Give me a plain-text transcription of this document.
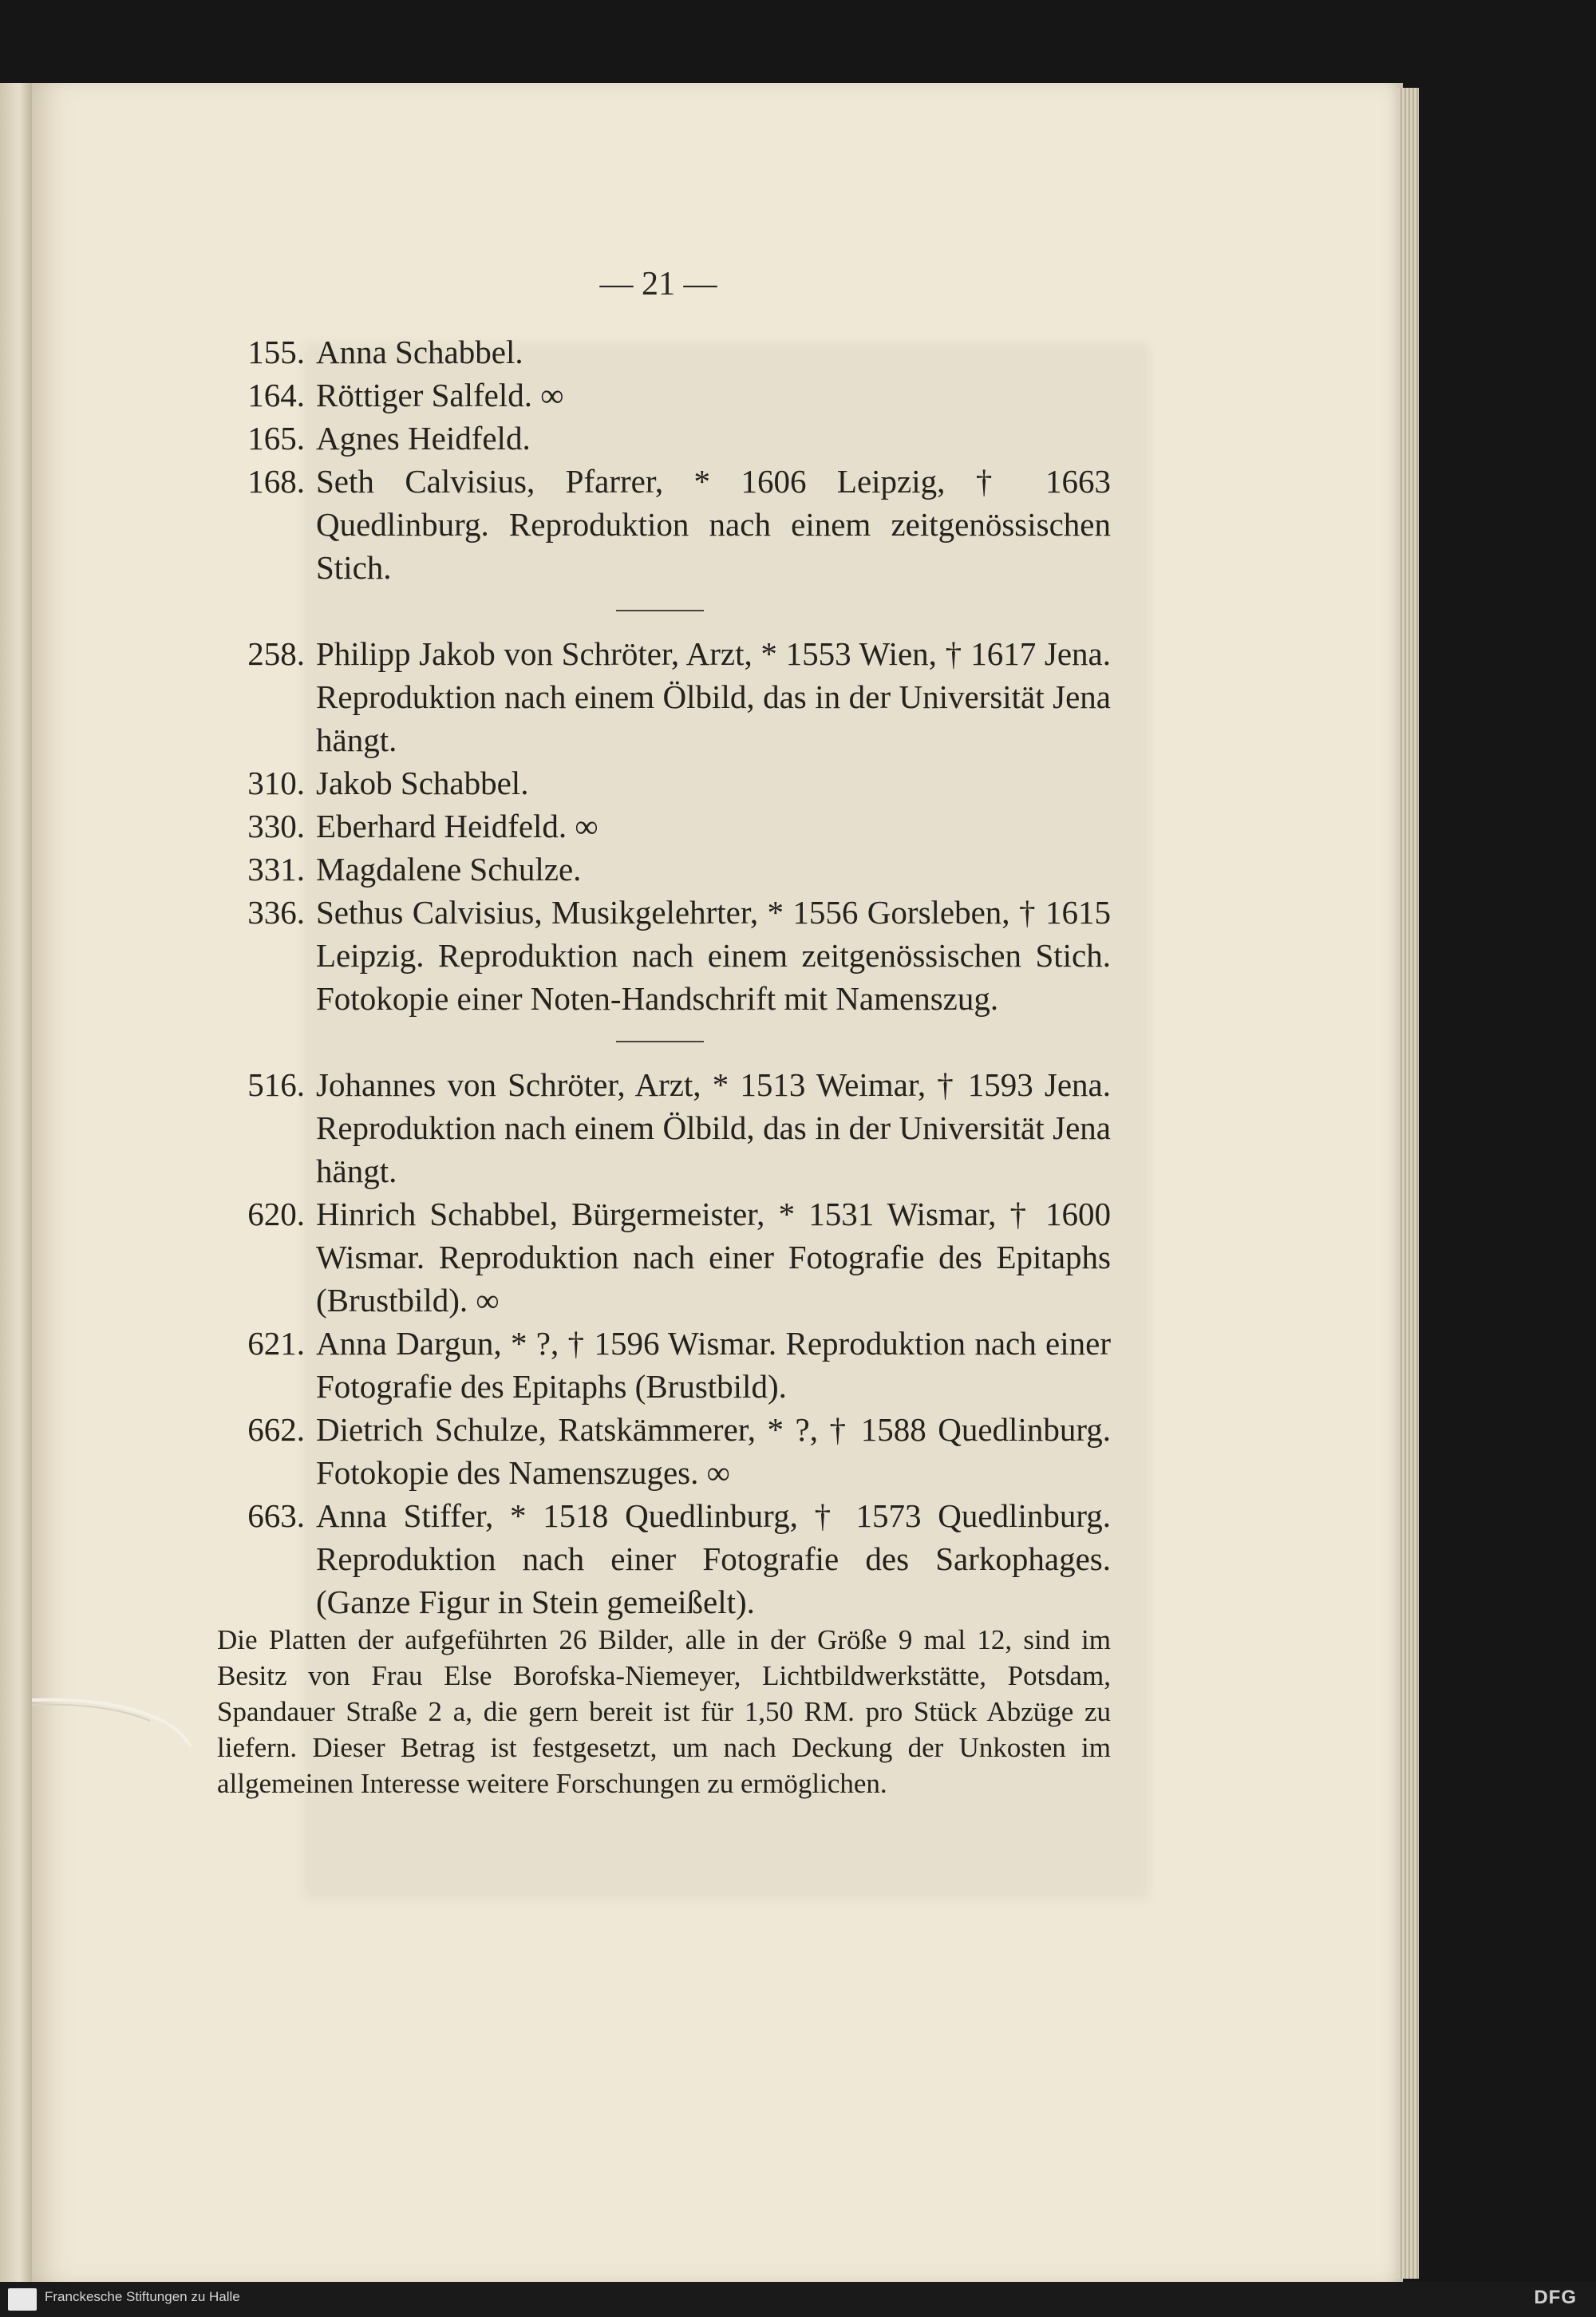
— 21 —
155. Anna Schabbel.
164. Röttiger Salfeld. ∞
165. Agnes Heidfeld.
168. Seth Calvisius, Pfarrer, * 1606 Leipzig, † 1663 Quedlinburg. Reproduktion nach einem zeitgenössischen Stich.
258. Philipp Jakob von Schröter, Arzt, * 1553 Wien, † 1617 Jena. Reproduktion nach einem Ölbild, das in der Universität Jena hängt.
310. Jakob Schabbel.
330. Eberhard Heidfeld. ∞
331. Magdalene Schulze.
336. Sethus Calvisius, Musikgelehrter, * 1556 Gorsleben, † 1615 Leipzig. Reproduktion nach einem zeitgenössischen Stich. Fotokopie einer Noten-Handschrift mit Namenszug.
516. Johannes von Schröter, Arzt, * 1513 Weimar, † 1593 Jena. Reproduktion nach einem Ölbild, das in der Universität Jena hängt.
620. Hinrich Schabbel, Bürgermeister, * 1531 Wismar, † 1600 Wismar. Reproduktion nach einer Fotografie des Epitaphs (Brustbild). ∞
621. Anna Dargun, * ?, † 1596 Wismar. Reproduktion nach einer Fotografie des Epitaphs (Brustbild).
662. Dietrich Schulze, Ratskämmerer, * ?, † 1588 Quedlinburg. Fotokopie des Namenszuges. ∞
663. Anna Stiffer, * 1518 Quedlinburg, † 1573 Quedlinburg. Reproduktion nach einer Fotografie des Sarkophages. (Ganze Figur in Stein gemeißelt).
Die Platten der aufgeführten 26 Bilder, alle in der Größe 9 mal 12, sind im Besitz von Frau Else Borofska-Niemeyer, Lichtbildwerkstätte, Potsdam, Spandauer Straße 2 a, die gern bereit ist für 1,50 RM. pro Stück Abzüge zu liefern. Dieser Betrag ist festgesetzt, um nach Deckung der Unkosten im allgemeinen Interesse weitere Forschungen zu ermöglichen.
Franckesche Stiftungen zu Halle	DFG
